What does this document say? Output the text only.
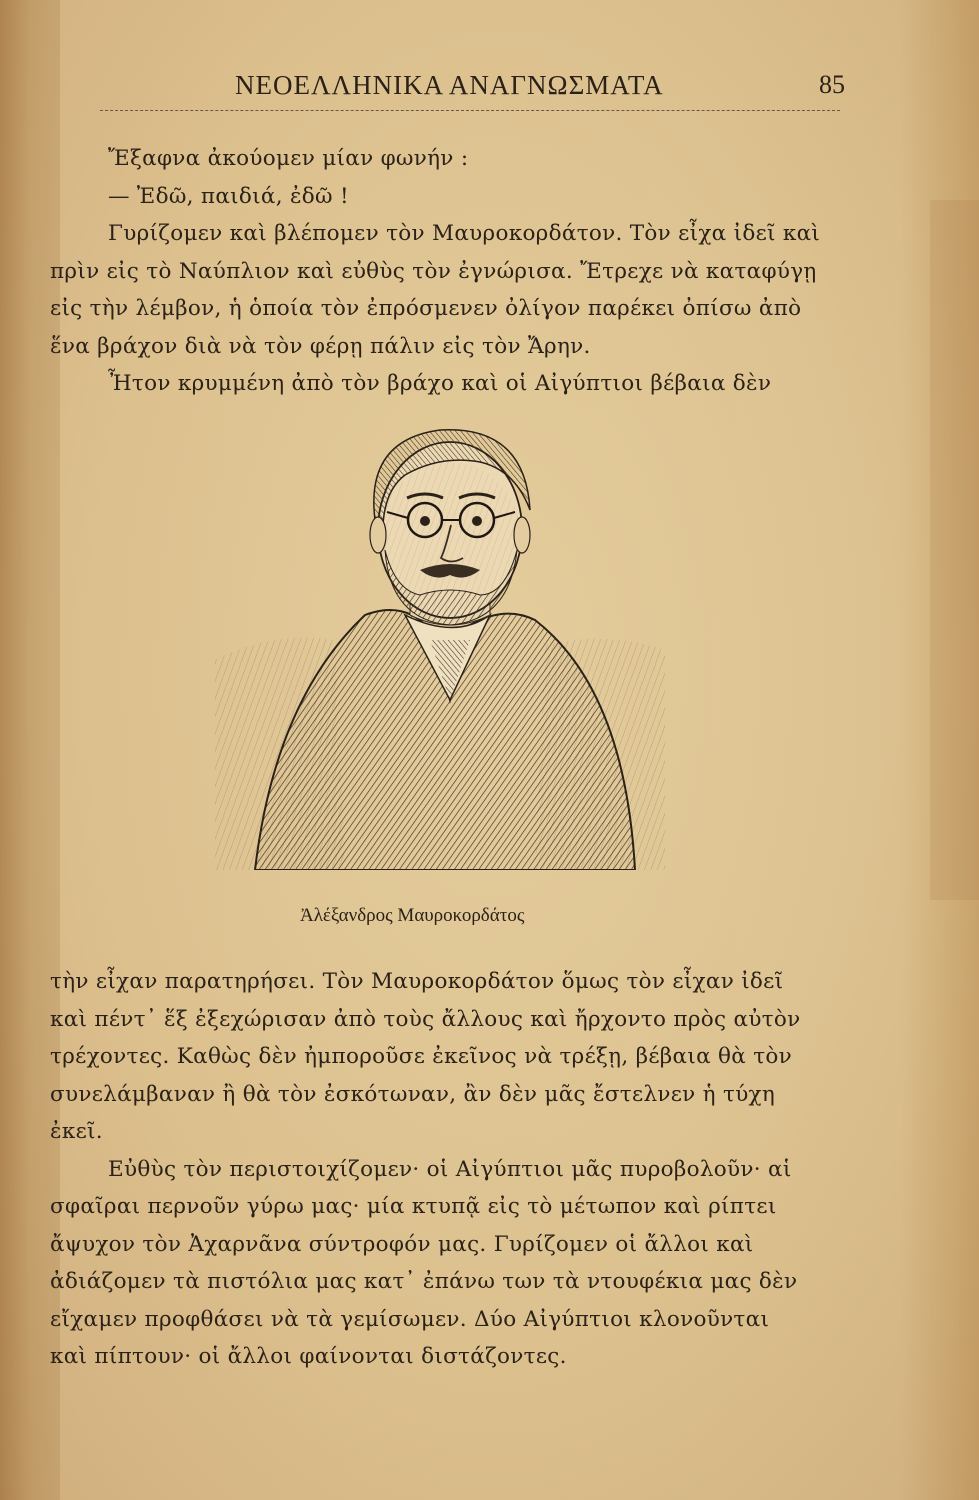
ΝΕΟΕΛΛΗΝΙΚΑ ΑΝΑΓΝΩΣΜΑΤΑ	85
Ἔξαφνα ἀκούομεν μίαν φωνήν :
— Ἐδῶ, παιδιά, ἐδῶ !
Γυρίζομεν καὶ βλέπομεν τὸν Μαυροκορδάτον. Τὸν εἶχα ἰδεῖ καὶ
πρὶν εἰς τὸ Ναύπλιον καὶ εὐθὺς τὸν ἐγνώρισα. Ἔτρεχε νὰ καταφύγῃ
εἰς τὴν λέμβον, ἡ ὁποία τὸν ἐπρόσμενεν ὀλίγον παρέκει ὀπίσω ἀπὸ
ἕνα βράχον διὰ νὰ τὸν φέρῃ πάλιν εἰς τὸν Ἄρην.
Ἦτον κρυμμένη ἀπὸ τὸν βράχο καὶ οἱ Αἰγύπτιοι βέβαια δὲν
Ἀλέξανδρος Μαυροκορδάτος
τὴν εἶχαν παρατηρήσει. Τὸν Μαυροκορδάτον ὅμως τὸν εἶχαν ἰδεῖ
καὶ πέντ᾽ ἕξ ἐξεχώρισαν ἀπὸ τοὺς ἄλλους καὶ ἤρχοντο πρὸς αὐτὸν
τρέχοντες. Καθὼς δὲν ἠμποροῦσε ἐκεῖνος νὰ τρέξῃ, βέβαια θὰ τὸν
συνελάμβαναν ἢ θὰ τὸν ἐσκότωναν, ἂν δὲν μᾶς ἔστελνεν ἡ τύχη
ἐκεῖ.
Εὐθὺς τὸν περιστοιχίζομεν· οἱ Αἰγύπτιοι μᾶς πυροβολοῦν· αἱ
σφαῖραι περνοῦν γύρω μας· μία κτυπᾷ εἰς τὸ μέτωπον καὶ ρίπτει
ἄψυχον τὸν Ἀχαρνᾶνα σύντροφόν μας. Γυρίζομεν οἱ ἄλλοι καὶ
ἀδιάζομεν τὰ πιστόλια μας κατ᾽ ἐπάνω των τὰ ντουφέκια μας δὲν
εἴχαμεν προφθάσει νὰ τὰ γεμίσωμεν. Δύο Αἰγύπτιοι κλονοῦνται
καὶ πίπτουν· οἱ ἄλλοι φαίνονται διστάζοντες.
